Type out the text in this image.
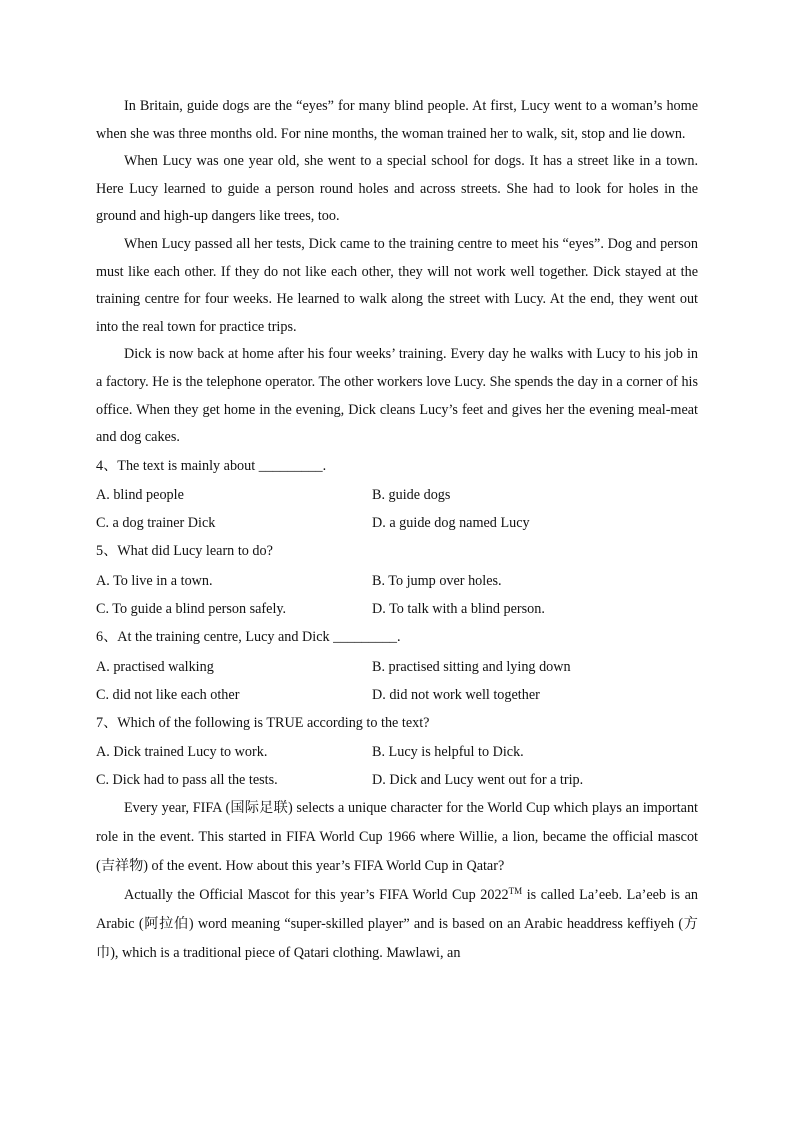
In Britain, guide dogs are the “eyes” for many blind people. At first, Lucy went to a woman’s home when she was three months old. For nine months, the woman trained her to walk, sit, stop and lie down.

When Lucy was one year old, she went to a special school for dogs. It has a street like in a town. Here Lucy learned to guide a person round holes and across streets. She had to look for holes in the ground and high-up dangers like trees, too.

When Lucy passed all her tests, Dick came to the training centre to meet his “eyes”. Dog and person must like each other. If they do not like each other, they will not work well together. Dick stayed at the training centre for four weeks. He learned to walk along the street with Lucy. At the end, they went out into the real town for practice trips.

Dick is now back at home after his four weeks’ training. Every day he walks with Lucy to his job in a factory. He is the telephone operator. The other workers love Lucy. She spends the day in a corner of his office. When they get home in the evening, Dick cleans Lucy’s feet and gives her the evening meal-meat and dog cakes.

4、The text is mainly about _________.

A. blind people	B. guide dogs
C. a dog trainer Dick	D. a guide dog named Lucy

5、What did Lucy learn to do?

A. To live in a town.	B. To jump over holes.
C. To guide a blind person safely.	D. To talk with a blind person.

6、At the training centre, Lucy and Dick _________.

A. practised walking	B. practised sitting and lying down
C. did not like each other	D. did not work well together

7、Which of the following is TRUE according to the text?

A. Dick trained Lucy to work.	B. Lucy is helpful to Dick.
C. Dick had to pass all the tests.	D. Dick and Lucy went out for a trip.

Every year, FIFA (国际足联) selects a unique character for the World Cup which plays an important role in the event. This started in FIFA World Cup 1966 where Willie, a lion, became the official mascot (吉祥物) of the event. How about this year’s FIFA World Cup in Qatar?

Actually the Official Mascot for this year’s FIFA World Cup 2022™ is called La’eeb. La’eeb is an Arabic (阿拉伯) word meaning “super-skilled player” and is based on an Arabic headdress keffiyeh (方巾), which is a traditional piece of Qatari clothing. Mawlawi, an
